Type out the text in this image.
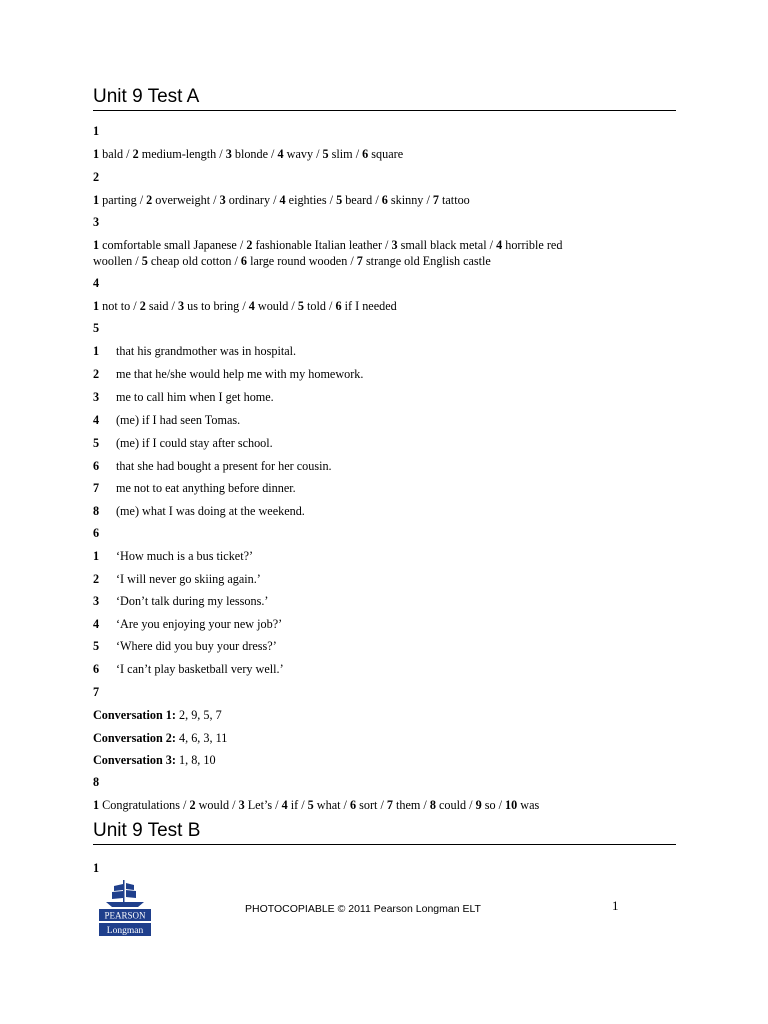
Unit 9 Test A
1
1 bald / 2 medium-length / 3 blonde / 4 wavy / 5 slim / 6 square
2
1 parting / 2 overweight / 3 ordinary / 4 eighties / 5 beard / 6 skinny / 7 tattoo
3
1 comfortable small Japanese / 2 fashionable Italian leather / 3 small black metal / 4 horrible red
woollen / 5 cheap old cotton / 6 large round wooden / 7 strange old English castle
4
1 not to / 2 said / 3 us to bring / 4 would / 5 told / 6 if I needed
5
1 that his grandmother was in hospital.
2 me that he/she would help me with my homework.
3 me to call him when I get home.
4 (me) if I had seen Tomas.
5 (me) if I could stay after school.
6 that she had bought a present for her cousin.
7 me not to eat anything before dinner.
8 (me) what I was doing at the weekend.
6
1 ‘How much is a bus ticket?’
2 ‘I will never go skiing again.’
3 ‘Don’t talk during my lessons.’
4 ‘Are you enjoying your new job?’
5 ‘Where did you buy your dress?’
6 ‘I can’t play basketball very well.’
7
Conversation 1: 2, 9, 5, 7
Conversation 2: 4, 6, 3, 11
Conversation 3: 1, 8, 10
8
1 Congratulations / 2 would / 3 Let’s / 4 if / 5 what / 6 sort / 7 them / 8 could / 9 so / 10 was
Unit 9 Test B
1
PEARSON
Longman
PHOTOCOPIABLE © 2011 Pearson Longman ELT	1
